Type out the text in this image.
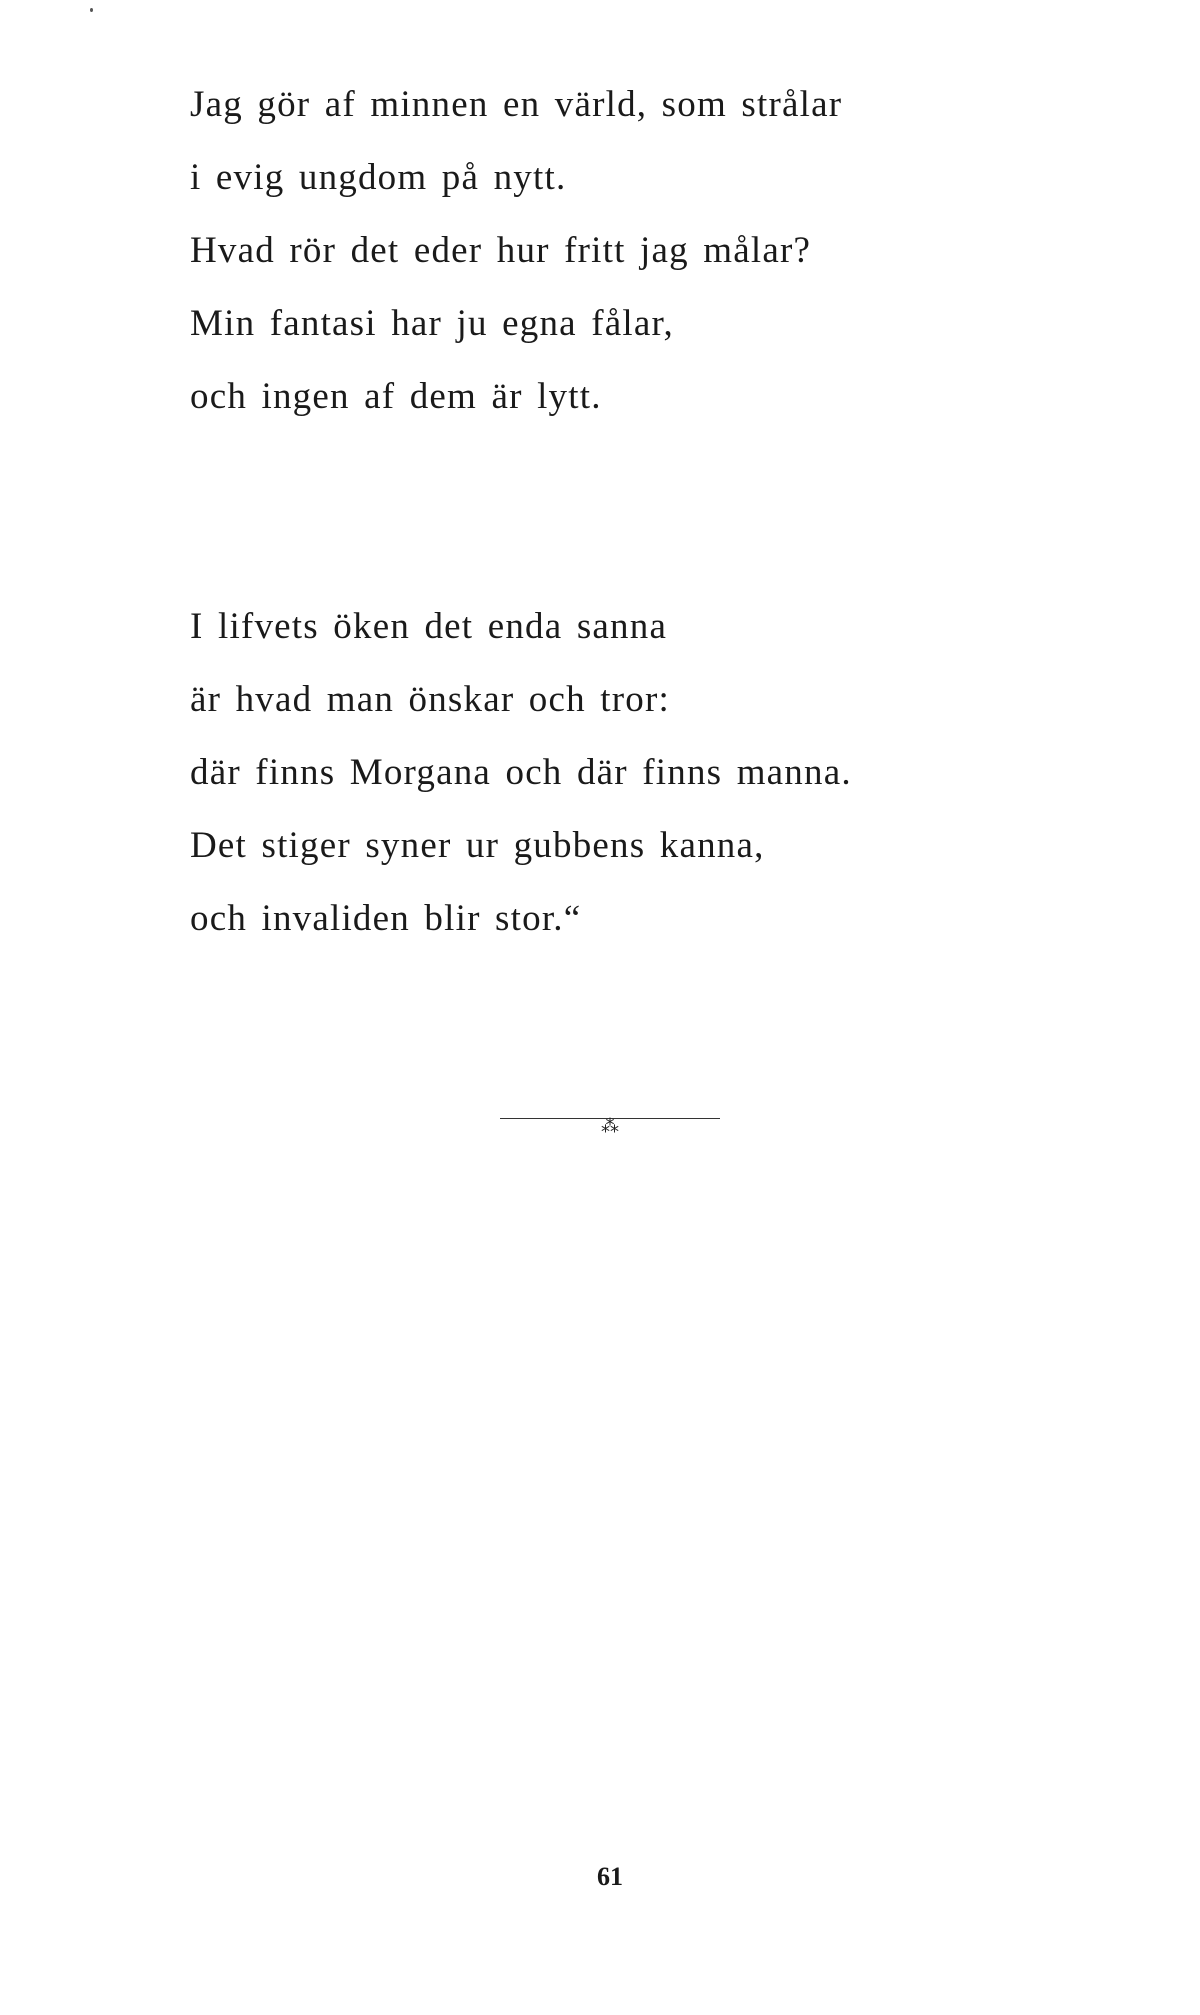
Jag gör af minnen en värld, som strålar
i evig ungdom på nytt.
Hvad rör det eder hur fritt jag målar?
Min fantasi har ju egna fålar,
och ingen af dem är lytt.
I lifvets öken det enda sanna
är hvad man önskar och tror:
där finns Morgana och där finns manna.
Det stiger syner ur gubbens kanna,
och invaliden blir stor.“
⁂
61
